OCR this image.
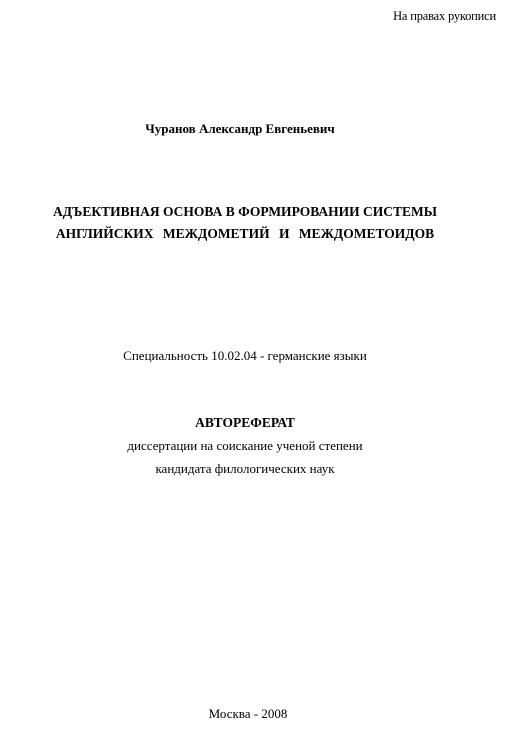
На правах рукописи
Чуранов Александр Евгеньевич
АДЪЕКТИВНАЯ ОСНОВА В ФОРМИРОВАНИИ СИСТЕМЫ
АНГЛИЙСКИХ МЕЖДОМЕТИЙ И МЕЖДОМЕТОИДОВ
Специальность 10.02.04 - германские языки
АВТОРЕФЕРАТ
диссертации на соискание ученой степени
кандидата филологических наук
Москва - 2008
